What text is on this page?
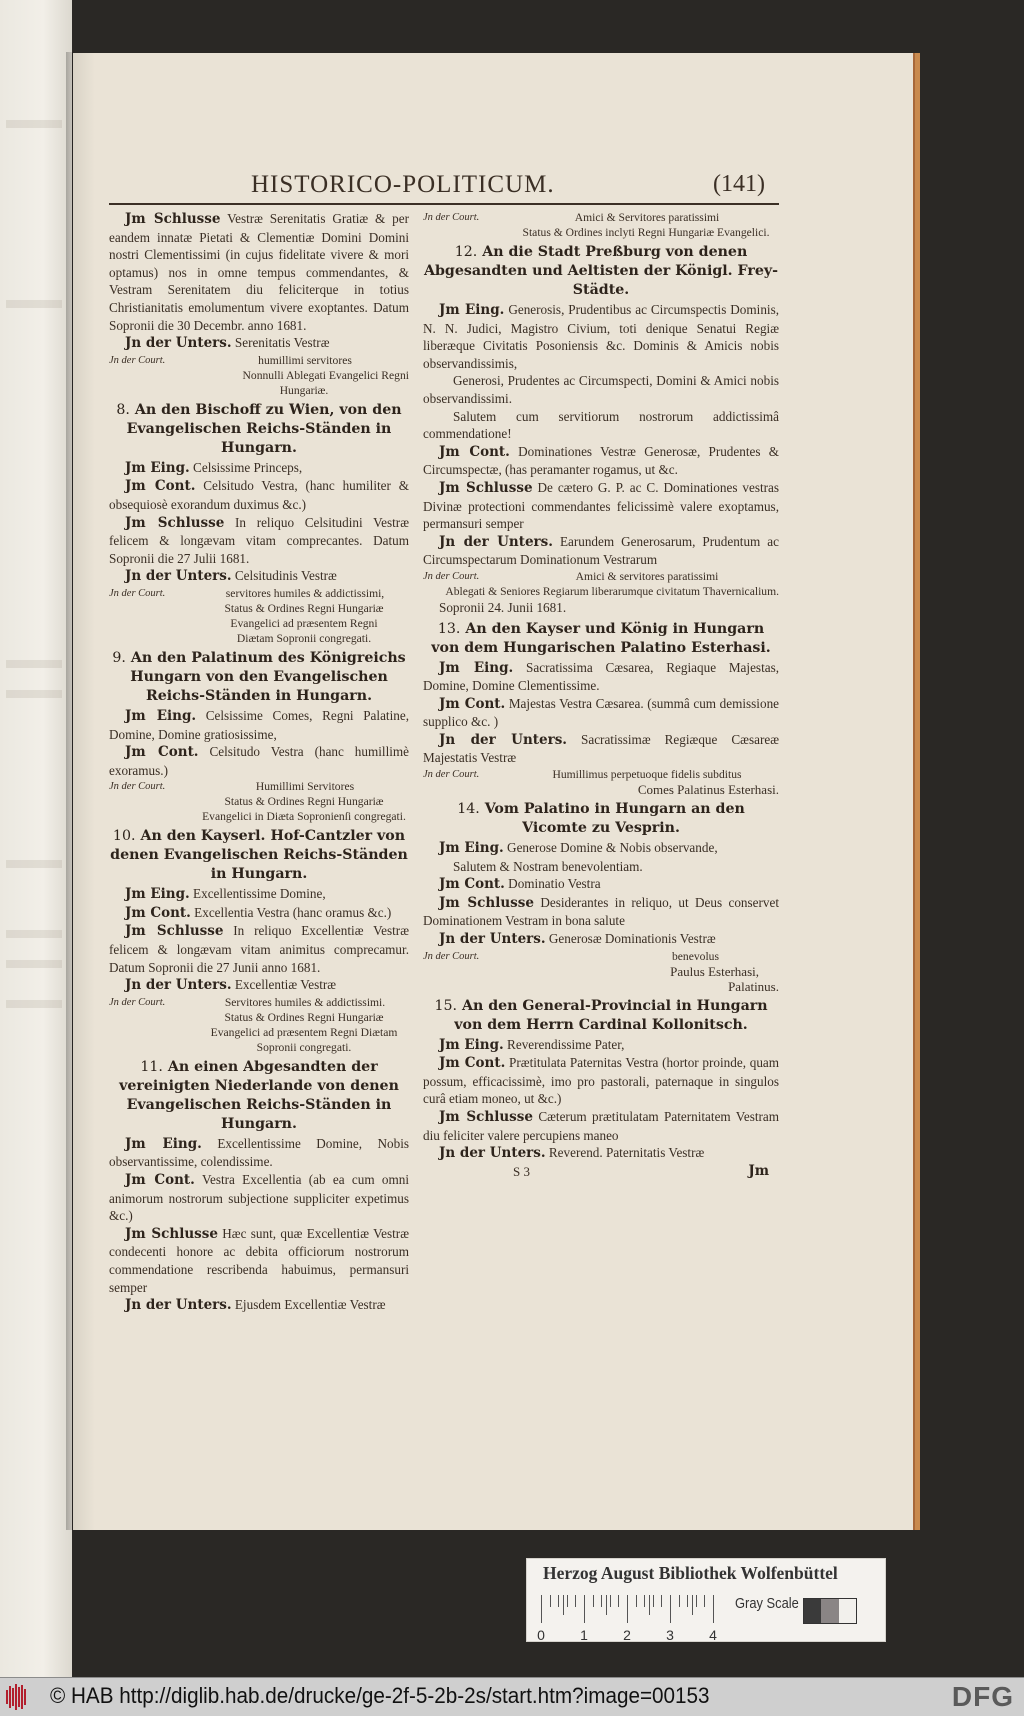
HISTORICO-POLITICUM.	(141)

Jm Schlusse Vestræ Serenitatis Gratiæ & per eandem innatæ Pietati & Clementiæ Domini Domini nostri Clementissimi (in cujus fidelitate vivere & mori optamus) nos in omne tempus commendantes, & Vestram Serenitatem diu feliciterque in totius Christianitatis emolumentum vivere exoptantes. Datum Sopronii die 30 Decembr. anno 1681.

Jn der Unters. Serenitatis Vestræ

Jn der Court.	humillimi servitores
Nonnulli Ablegati Evangelici Regni
Hungariæ.
8. An den Bischoff zu Wien, von den Evangelischen Reichs-Ständen in Hungarn.

Jm Eing. Celsissime Princeps,

Jm Cont. Celsitudo Vestra, (hanc humiliter & obsequiosè exorandum duximus &c.)

Jm Schlusse In reliquo Celsitudini Vestræ felicem & longævam vitam comprecantes. Datum Sopronii die 27 Julii 1681.

Jn der Unters. Celsitudinis Vestræ

Jn der Court.	servitores humiles & addictissimi,
Status & Ordines Regni Hungariæ
Evangelici ad præsentem Regni
Diætam Sopronii congregati.
9. An den Palatinum des Königreichs Hungarn von den Evangelischen Reichs-Ständen in Hungarn.

Jm Eing. Celsissime Comes, Regni Palatine, Domine, Domine gratiosissime,

Jm Cont. Celsitudo Vestra (hanc humillimè exoramus.)

Jn der Court.	Humillimi Servitores
Status & Ordines Regni Hungariæ Evangelici in Diæta Sopronienſi congregati.
10. An den Kayserl. Hof-Cantzler von denen Evangelischen Reichs-Ständen in Hungarn.

Jm Eing. Excellentissime Domine,

Jm Cont. Excellentia Vestra (hanc oramus &c.)

Jm Schlusse In reliquo Excellentiæ Vestræ felicem & longævam vitam animitus comprecamur. Datum Sopronii die 27 Junii anno 1681.

Jn der Unters. Excellentiæ Vestræ

Jn der Court.	Servitores humiles & addictissimi.
Status & Ordines Regni Hungariæ Evangelici ad præsentem Regni Diætam
Sopronii congregati.
11. An einen Abgesandten der vereinigten Niederlande von denen Evangelischen Reichs-Ständen in Hungarn.

Jm Eing. Excellentissime Domine, Nobis observantissime, colendissime.

Jm Cont. Vestra Excellentia (ab ea cum omni animorum nostrorum subjectione suppliciter expetimus &c.)

Jm Schlusse Hæc sunt, quæ Excellentiæ Vestræ condecenti honore ac debita officiorum nostrorum commendatione rescribenda habuimus, permansuri semper

Jn der Unters. Ejusdem Excellentiæ Vestræ

Jn der Court.	Amici & Servitores paratissimi
Status & Ordines inclyti Regni Hungariæ Evangelici.
12. An die Stadt Preßburg von denen Abgesandten und Aeltisten der Königl. Frey-Städte.

Jm Eing. Generosis, Prudentibus ac Circumspectis Dominis, N. N. Judici, Magistro Civium, toti denique Senatui Regiæ liberæque Civitatis Posoniensis &c. Dominis & Amicis nobis observandissimis,

Generosi, Prudentes ac Circumspecti, Domini & Amici nobis observandissimi.

Salutem cum servitiorum nostrorum addictissimâ commendatione!

Jm Cont. Dominationes Vestræ Generosæ, Prudentes & Circumspectæ, (has peramanter rogamus, ut &c.

Jm Schlusse De cætero G. P. ac C. Dominationes vestras Divinæ protectioni commendantes felicissimè valere exoptamus, permansuri semper

Jn der Unters. Earundem Generosarum, Prudentum ac Circumspectarum Dominationum Vestrarum

Jn der Court.	Amici & servitores paratissimi
Ablegati & Seniores Regiarum liberarumque civitatum Thavernicalium.

Sopronii 24. Junii 1681.

13. An den Kayser und König in Hungarn von dem Hungarischen Palatino Esterhasi.

Jm Eing. Sacratissima Cæsarea, Regiaque Majestas, Domine, Domine Clementissime.

Jm Cont. Majestas Vestra Cæsarea. (summâ cum demissione supplico &c. )

Jn der Unters. Sacratissimæ Regiæque Cæsareæ Majestatis Vestræ

Jn der Court.	Humillimus perpetuoque fidelis subditus
Comes Palatinus Esterhasi.
14. Vom Palatino in Hungarn an den Vicomte zu Vesprin.

Jm Eing. Generose Domine & Nobis observande,

Salutem & Nostram benevolentiam.

Jm Cont. Dominatio Vestra

Jm Schlusse Desiderantes in reliquo, ut Deus conservet Dominationem Vestram in bona salute

Jn der Unters. Generosæ Dominationis Vestræ

Jn der Court.	benevolus
Paulus Esterhasi,
Palatinus.
15. An den General-Provincial in Hungarn von dem Herrn Cardinal Kollonitsch.

Jm Eing. Reverendissime Pater,

Jm Cont. Prætitulata Paternitas Vestra (hortor proinde, quam possum, efficacissimè, imo pro pastorali, paternaque in singulos curâ etiam moneo, ut &c.)

Jm Schlusse Cæterum prætitulatam Paternitatem Vestram diu feliciter valere percupiens maneo

Jn der Unters. Reverend. Paternitatis Vestræ

S 3	Jm
Herzog August Bibliothek Wolfenbüttel
0	1	2	3	4
Gray Scale
© HAB http://diglib.hab.de/drucke/ge-2f-5-2b-2s/start.htm?image=00153	DFG
